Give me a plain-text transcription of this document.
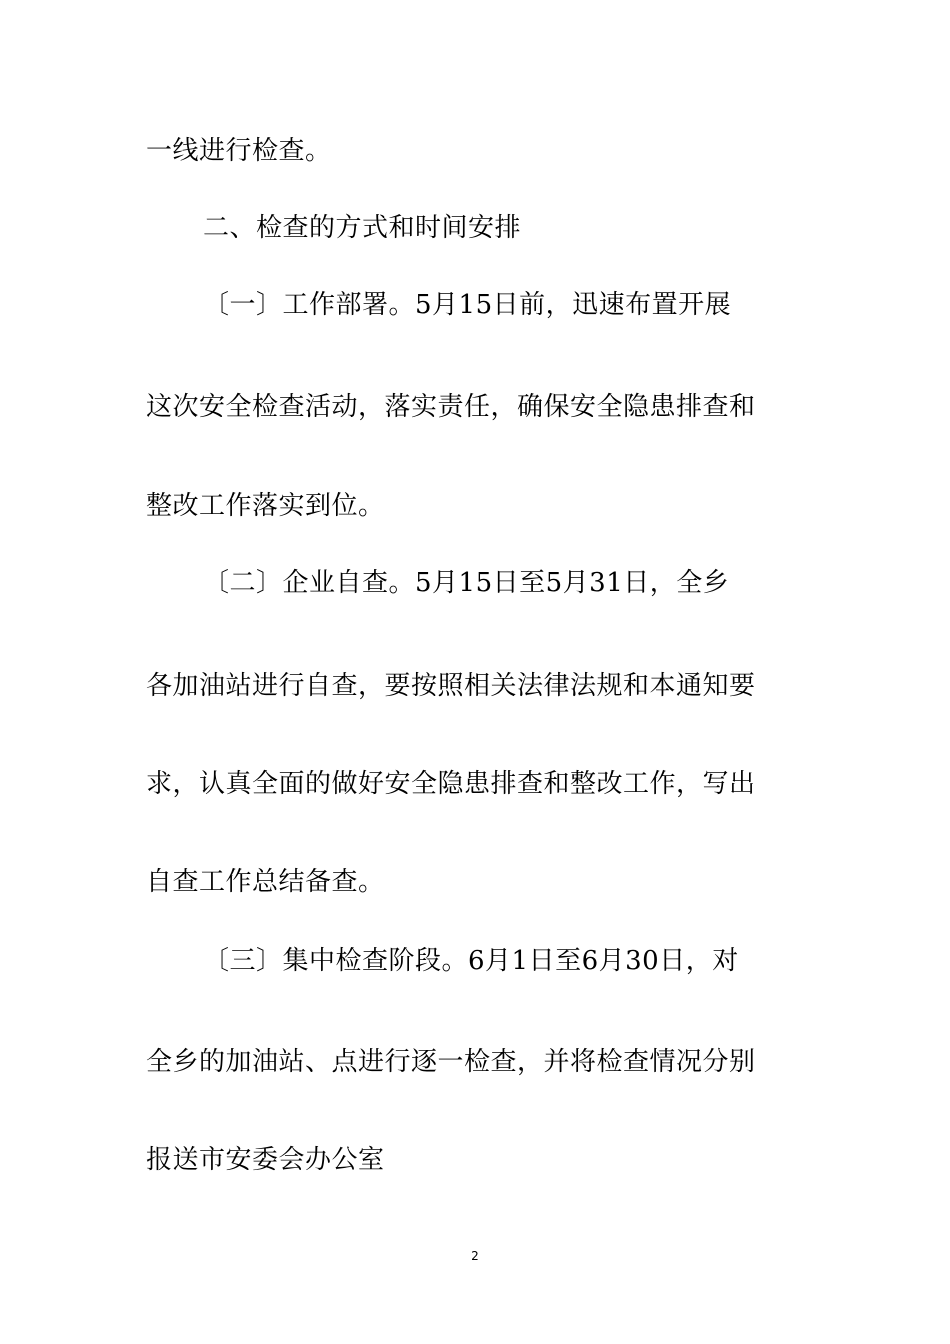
一线进行检查。
二、检查的方式和时间安排
〔一〕工作部署。5月15日前，迅速布置开展
这次安全检查活动，落实责任，确保安全隐患排查和
整改工作落实到位。
〔二〕企业自查。5月15日至5月31日，全乡
各加油站进行自查，要按照相关法律法规和本通知要
求，认真全面的做好安全隐患排查和整改工作，写出
自查工作总结备查。
〔三〕集中检查阶段。6月1日至6月30日，对
全乡的加油站、点进行逐一检查，并将检查情况分别
报送市安委会办公室
2
